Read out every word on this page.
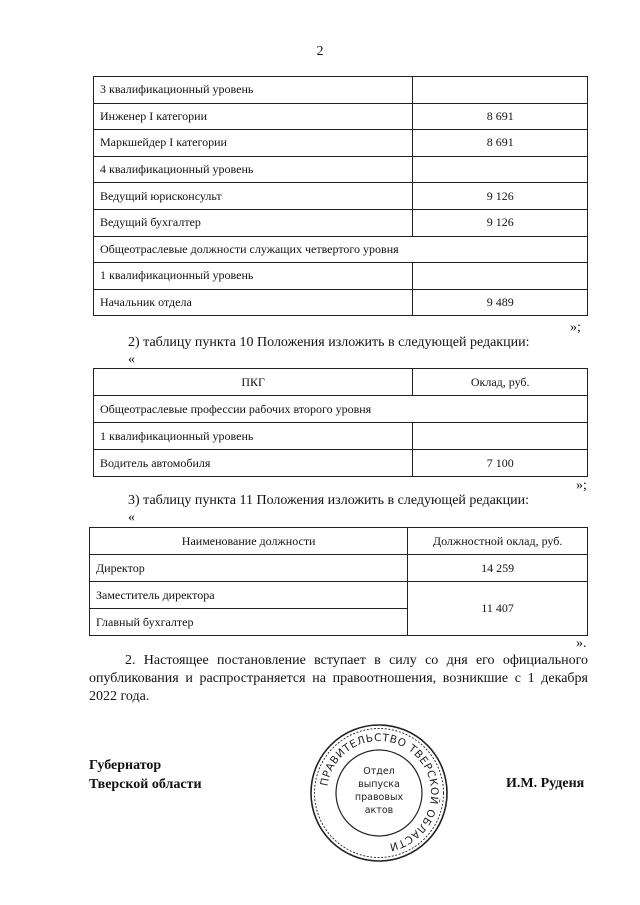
2
3 квалификационный уровень	
Инженер I категории	8 691
Маркшейдер I категории	8 691
4 квалификационный уровень	
Ведущий юрисконсульт	9 126
Ведущий бухгалтер	9 126
Общеотраслевые должности служащих четвертого уровня	
1 квалификационный уровень	
Начальник отдела	9 489
»;
2) таблицу пункта 10 Положения изложить в следующей редакции:
«
ПКГ	Оклад, руб.
Общеотраслевые профессии рабочих второго уровня	
1 квалификационный уровень	
Водитель автомобиля	7 100
»;
3) таблицу пункта 11 Положения изложить в следующей редакции:
«
Наименование должности	Должностной оклад, руб.
Директор	14 259
Заместитель директора	11 407
Главный бухгалтер	
».
2. Настоящее постановление вступает в силу со дня его официального опубликования и распространяется на правоотношения, возникшие с 1 декабря 2022 года.
Губернатор
Тверской области	И.М. Руденя
ПРАВИТЕЛЬСТВО ТВЕРСКОЙ ОБЛАСТИ
Отдел
выпуска
правовых
актов
